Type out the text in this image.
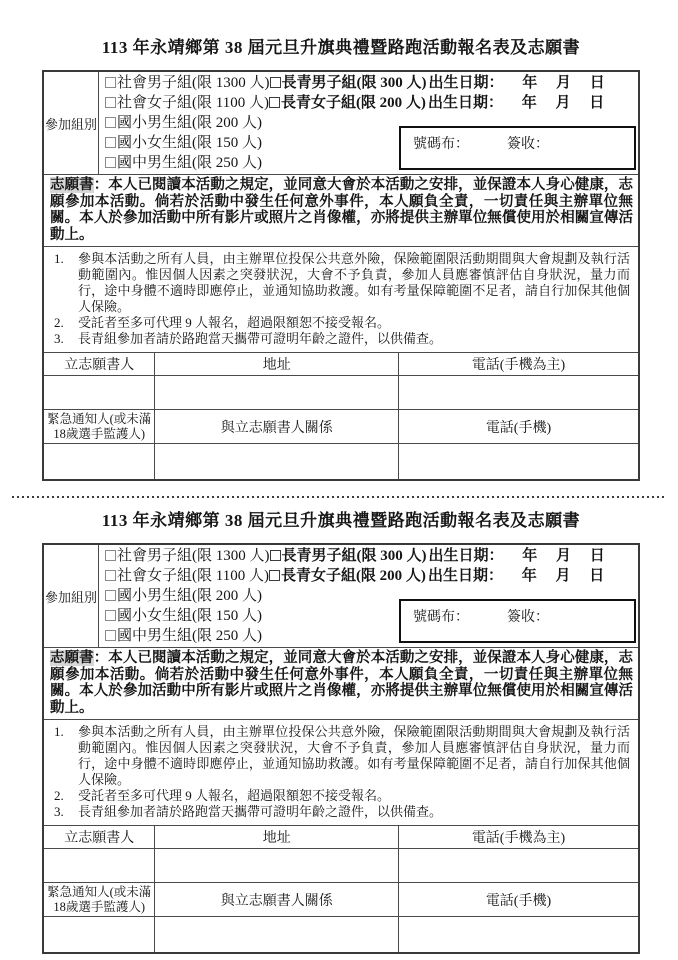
113 年永靖鄉第 38 屆元旦升旗典禮暨路跑活動報名表及志願書
參加組別
社會男子組(限 1300 人) 長青男子組(限 300 人) 出生日期： 年 月 日
社會女子組(限 1100 人) 長青女子組(限 200 人) 出生日期： 年 月 日
國小男生組(限 200 人)
國小女生組(限 150 人)
國中男生組(限 250 人)
號碼布：	簽收：
志願書：本人已閱讀本活動之規定，並同意大會於本活動之安排，並保證本人身心健康，志願參加本活動。倘若於活動中發生任何意外事件，本人願負全責，一切責任與主辦單位無關。本人於參加活動中所有影片或照片之肖像權，亦將提供主辦單位無償使用於相關宣傳活動上。
1.	參與本活動之所有人員，由主辦單位投保公共意外險，保險範圍限活動期間與大會規劃及執行活動範圍內。惟因個人因素之突發狀況，大會不予負責，參加人員應審慎評估自身狀況，量力而行，途中身體不適時即應停止，並通知協助救護。如有考量保障範圍不足者，請自行加保其他個人保險。
2.	受託者至多可代理 9 人報名，超過限額恕不接受報名。
3.	長青組參加者請於路跑當天攜帶可證明年齡之證件，以供備查。
立志願書人	地址	電話(手機為主)
緊急通知人(或未滿18歲選手監護人)	與立志願書人關係	電話(手機)
113 年永靖鄉第 38 屆元旦升旗典禮暨路跑活動報名表及志願書
參加組別
社會男子組(限 1300 人) 長青男子組(限 300 人) 出生日期： 年 月 日
社會女子組(限 1100 人) 長青女子組(限 200 人) 出生日期： 年 月 日
國小男生組(限 200 人)
國小女生組(限 150 人)
國中男生組(限 250 人)
號碼布：	簽收：
志願書：本人已閱讀本活動之規定，並同意大會於本活動之安排，並保證本人身心健康，志願參加本活動。倘若於活動中發生任何意外事件，本人願負全責，一切責任與主辦單位無關。本人於參加活動中所有影片或照片之肖像權，亦將提供主辦單位無償使用於相關宣傳活動上。
1.	參與本活動之所有人員，由主辦單位投保公共意外險，保險範圍限活動期間與大會規劃及執行活動範圍內。惟因個人因素之突發狀況，大會不予負責，參加人員應審慎評估自身狀況，量力而行，途中身體不適時即應停止，並通知協助救護。如有考量保障範圍不足者，請自行加保其他個人保險。
2.	受託者至多可代理 9 人報名，超過限額恕不接受報名。
3.	長青組參加者請於路跑當天攜帶可證明年齡之證件，以供備查。
立志願書人	地址	電話(手機為主)
緊急通知人(或未滿18歲選手監護人)	與立志願書人關係	電話(手機)
